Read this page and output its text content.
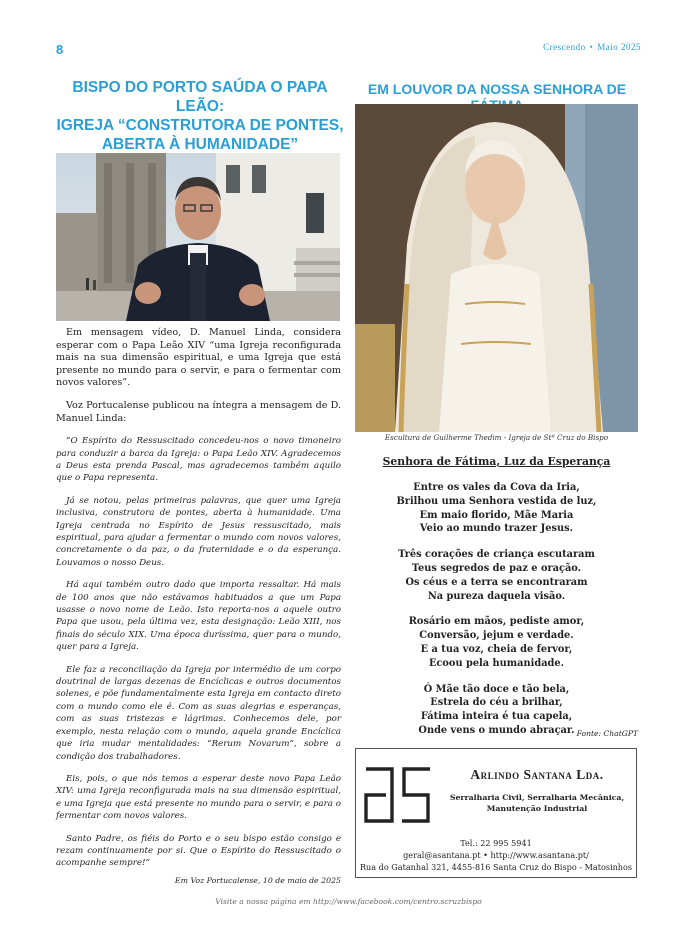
8	Crescendo • Maio 2025
BISPO DO PORTO SAÚDA O PAPA LEÃO:
IGREJA “CONSTRUTORA DE PONTES,
ABERTA À HUMANIDADE”
EM LOUVOR DA NOSSA SENHORA DE
Escultura de Guilherme Thedim - Igreja de Stª Cruz do Bispo

Em mensagem vídeo, D. Manuel Linda, considera esperar com o Papa Leão XIV “uma Igreja reconfigurada mais na sua dimensão espiritual, e uma Igreja que está presente no mundo para o servir, e para o fermentar com novos valores”.

Voz Portucalense publicou na íntegra a mensagem de D. Manuel Linda:

“O Espírito do Ressuscitado concedeu-nos o novo timoneiro para conduzir a barca da Igreja: o Papa Leão XIV. Agradecemos a Deus esta prenda Pascal, mas agradecemos também aquilo que o Papa representa.

Já se notou, pelas primeiras palavras, que quer uma Igreja inclusiva, construtora de pontes, aberta à humanidade. Uma Igreja centrada no Espírito de Jesus ressuscitado, mais espiritual, para ajudar a fermentar o mundo com novos valores, concretamente o da paz, o da fraternidade e o da esperança. Louvamos o nosso Deus.

Há aqui também outro dado que importa ressaltar. Há mais de 100 anos que não estávamos habituados a que um Papa usasse o novo nome de Leão. Isto reporta-nos a aquele outro Papa que usou, pela última vez, esta designação: Leão XIII, nos finais do século XIX. Uma época duríssima, quer para o mundo, quer para a Igreja.

Ele faz a reconciliação da Igreja por intermédio de um corpo doutrinal de largas dezenas de Encíclicas e outros documentos solenes, e põe fundamentalmente esta Igreja em contacto direto com o mundo como ele é. Com as suas alegrias e esperanças, com as suas tristezas e lágrimas. Conhecemos dele, por exemplo, nesta relação com o mundo, aquela grande Encíclica que iria mudar mentalidades: “Rerum Novarum”, sobre a condição dos trabalhadores.

Eis, pois, o que nós temos a esperar deste novo Papa Leão XIV: uma Igreja reconfigurada mais na sua dimensão espiritual, e uma Igreja que está presente no mundo para o servir, e para o fermentar com novos valores.

Santo Padre, os fiéis do Porto e o seu bispo estão consigo e rezam continuamente por si. Que o Espírito do Ressuscitado o acompanhe sempre!”

Em Voz Portucalense, 10 de maio de 2025
Senhora de Fátima, Luz da Esperança
Entre os vales da Cova da Iria,
Brilhou uma Senhora vestida de luz,
Em maio florido, Mãe Maria
Veio ao mundo trazer Jesus.
Três corações de criança escutaram
Teus segredos de paz e oração.
Os céus e a terra se encontraram
Na pureza daquela visão.
Rosário em mãos, pediste amor,
Conversão, jejum e verdade.
E a tua voz, cheia de fervor,
Ecoou pela humanidade.
Ó Mãe tão doce e tão bela,
Estrela do céu a brilhar,
Fátima inteira é tua capela,
Onde vens o mundo abraçar. Fonte: ChatGPT
Arlindo Santana Lda.
Serralharia Civil, Serralharia Mecânica,
Manutenção Industrial
Tel.: 22 995 5941
geral@asantana.pt • http://www.asantana.pt/
Rua do Gatanhal 321, 4455-816 Santa Cruz do Bispo - Matosinhos
Visite a nossa página em http://www.facebook.com/centro.scruzbispo
